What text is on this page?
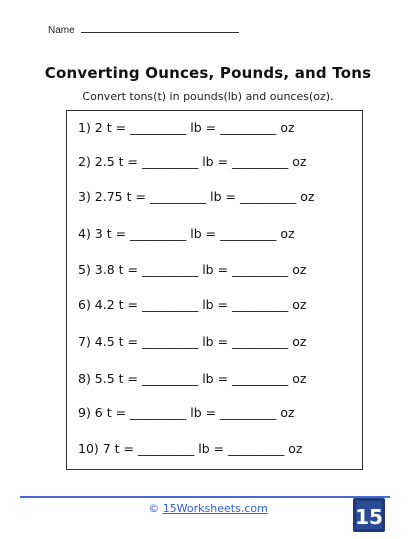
Name
Converting Ounces, Pounds, and Tons
Convert tons(t) in pounds(lb) and ounces(oz).
1) 2 t = _________ lb = _________ oz
2) 2.5 t = _________ lb = _________ oz
3) 2.75 t = _________ lb = _________ oz
4) 3 t = _________ lb = _________ oz
5) 3.8 t = _________ lb = _________ oz
6) 4.2 t = _________ lb = _________ oz
7) 4.5 t = _________ lb = _________ oz
8) 5.5 t = _________ lb = _________ oz
9) 6 t = _________ lb = _________ oz
10) 7 t = _________ lb = _________ oz
© 15Worksheets.com	15
